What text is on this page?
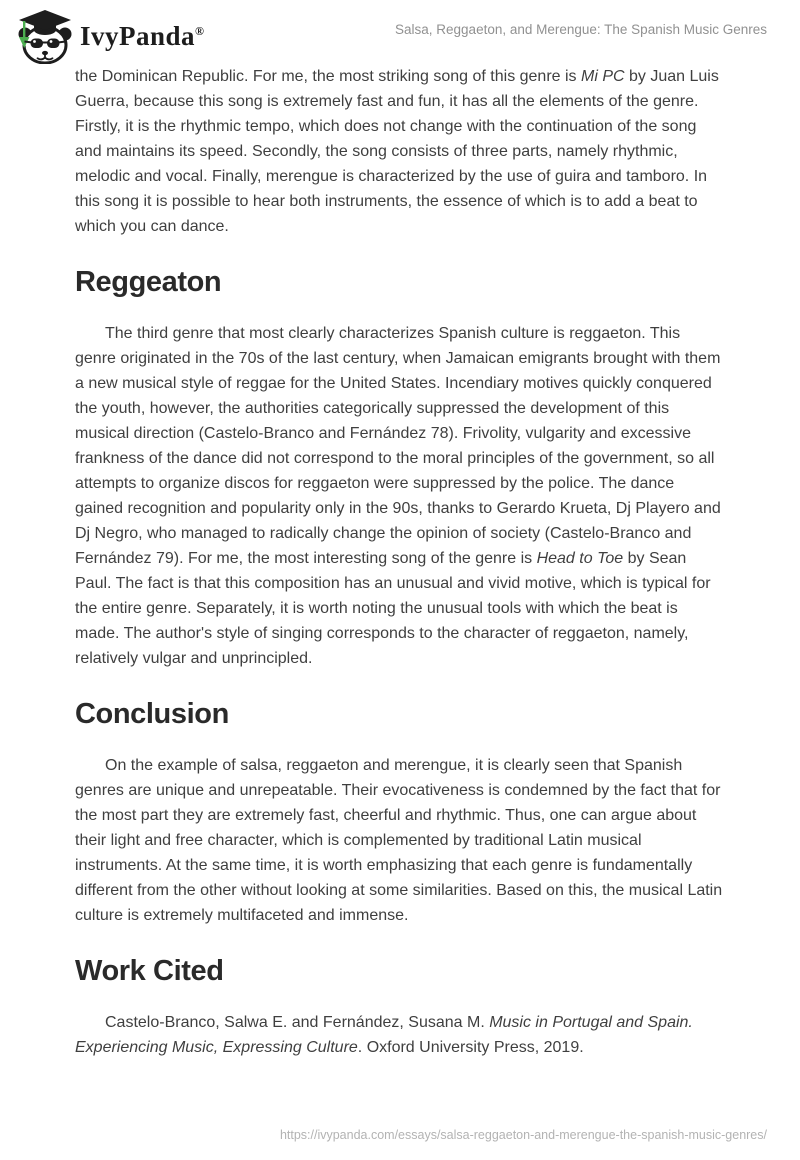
IvyPanda®	Salsa, Reggaeton, and Merengue: The Spanish Music Genres

the Dominican Republic. For me, the most striking song of this genre is Mi PC by Juan Luis Guerra, because this song is extremely fast and fun, it has all the elements of the genre. Firstly, it is the rhythmic tempo, which does not change with the continuation of the song and maintains its speed. Secondly, the song consists of three parts, namely rhythmic, melodic and vocal. Finally, merengue is characterized by the use of guira and tamboro. In this song it is possible to hear both instruments, the essence of which is to add a beat to which you can dance.

Reggeaton

The third genre that most clearly characterizes Spanish culture is reggaeton. This genre originated in the 70s of the last century, when Jamaican emigrants brought with them a new musical style of reggae for the United States. Incendiary motives quickly conquered the youth, however, the authorities categorically suppressed the development of this musical direction (Castelo-Branco and Fernández 78). Frivolity, vulgarity and excessive frankness of the dance did not correspond to the moral principles of the government, so all attempts to organize discos for reggaeton were suppressed by the police. The dance gained recognition and popularity only in the 90s, thanks to Gerardo Krueta, Dj Playero and Dj Negro, who managed to radically change the opinion of society (Castelo-Branco and Fernández 79). For me, the most interesting song of the genre is Head to Toe by Sean Paul. The fact is that this composition has an unusual and vivid motive, which is typical for the entire genre. Separately, it is worth noting the unusual tools with which the beat is made. The author's style of singing corresponds to the character of reggaeton, namely, relatively vulgar and unprincipled.

Conclusion

On the example of salsa, reggaeton and merengue, it is clearly seen that Spanish genres are unique and unrepeatable. Their evocativeness is condemned by the fact that for the most part they are extremely fast, cheerful and rhythmic. Thus, one can argue about their light and free character, which is complemented by traditional Latin musical instruments. At the same time, it is worth emphasizing that each genre is fundamentally different from the other without looking at some similarities. Based on this, the musical Latin culture is extremely multifaceted and immense.

Work Cited

Castelo-Branco, Salwa E. and Fernández, Susana M. Music in Portugal and Spain. Experiencing Music, Expressing Culture. Oxford University Press, 2019.

https://ivypanda.com/essays/salsa-reggaeton-and-merengue-the-spanish-music-genres/
